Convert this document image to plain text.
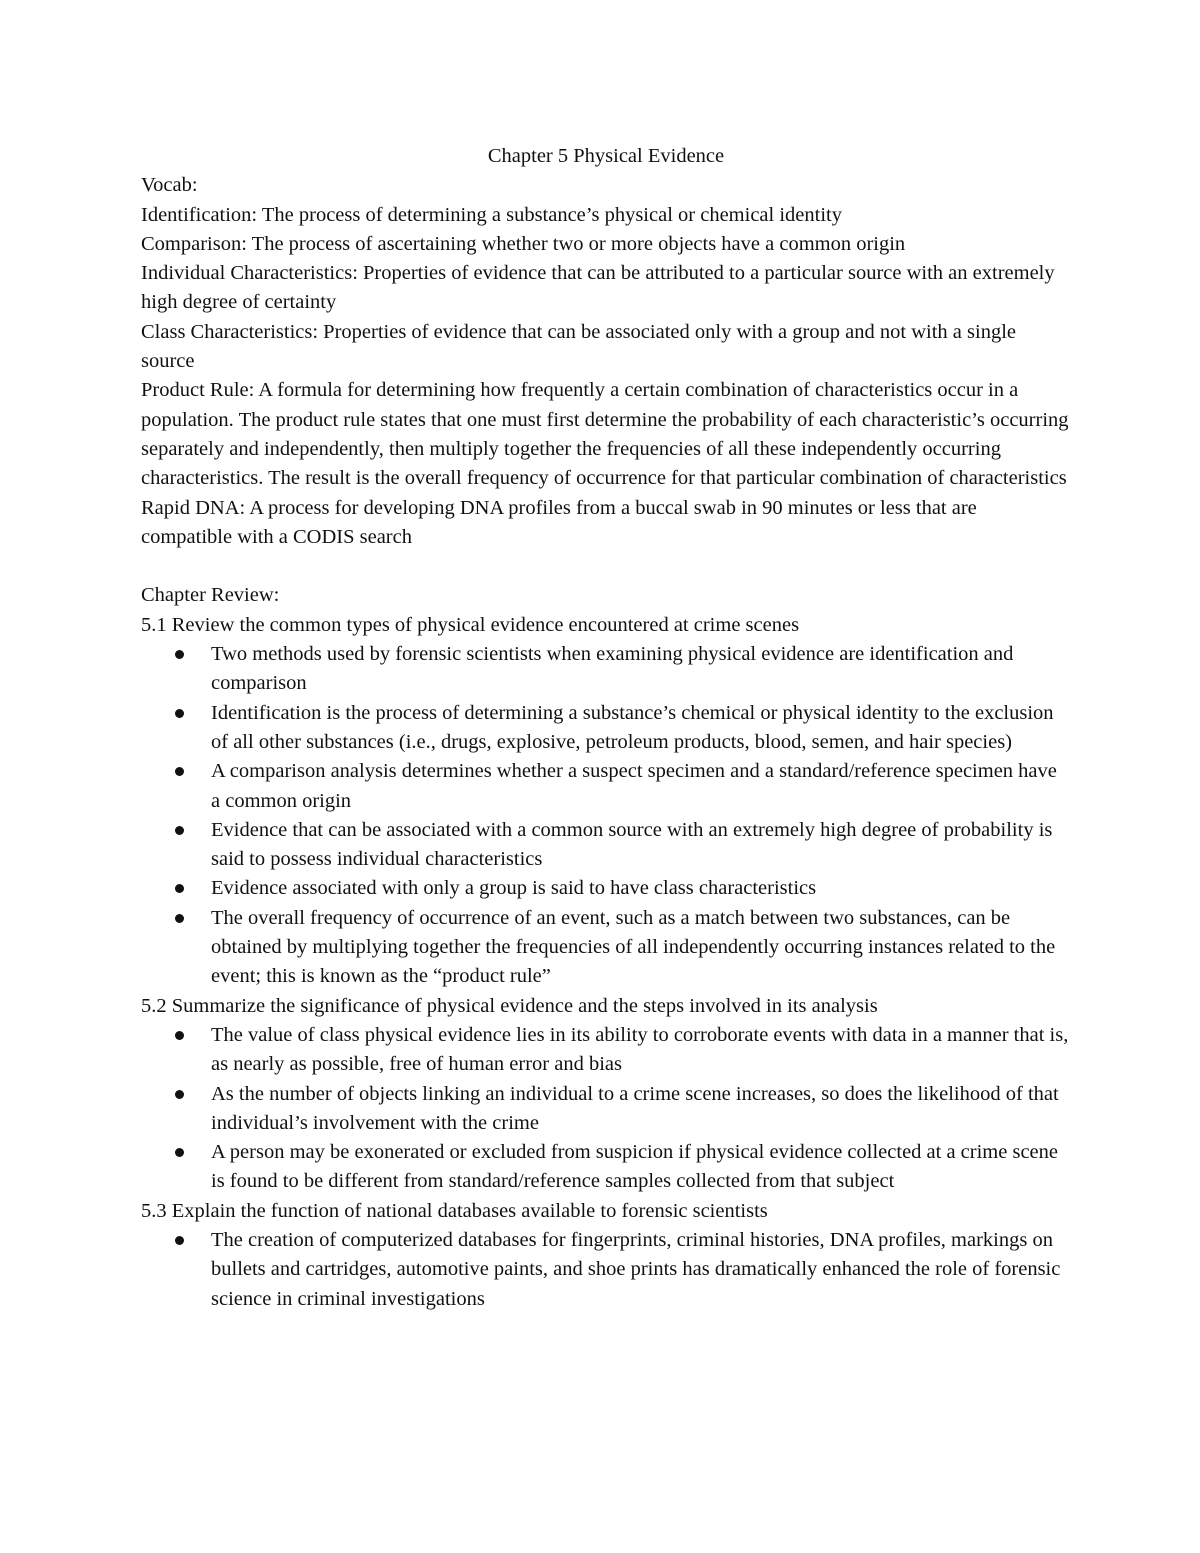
Chapter 5 Physical Evidence

Vocab:

Identification: The process of determining a substance’s physical or chemical identity

Comparison: The process of ascertaining whether two or more objects have a common origin

Individual Characteristics: Properties of evidence that can be attributed to a particular source with an extremely high degree of certainty

Class Characteristics: Properties of evidence that can be associated only with a group and not with a single source

Product Rule: A formula for determining how frequently a certain combination of characteristics occur in a population. The product rule states that one must first determine the probability of each characteristic’s occurring separately and independently, then multiply together the frequencies of all these independently occurring characteristics. The result is the overall frequency of occurrence for that particular combination of characteristics

Rapid DNA: A process for developing DNA profiles from a buccal swab in 90 minutes or less that are compatible with a CODIS search

Chapter Review:

5.1 Review the common types of physical evidence encountered at crime scenes

Two methods used by forensic scientists when examining physical evidence are identification and comparison
Identification is the process of determining a substance’s chemical or physical identity to the exclusion of all other substances (i.e., drugs, explosive, petroleum products, blood, semen, and hair species)
A comparison analysis determines whether a suspect specimen and a standard/reference specimen have a common origin
Evidence that can be associated with a common source with an extremely high degree of probability is said to possess individual characteristics
Evidence associated with only a group is said to have class characteristics
The overall frequency of occurrence of an event, such as a match between two substances, can be obtained by multiplying together the frequencies of all independently occurring instances related to the event; this is known as the “product rule”

5.2 Summarize the significance of physical evidence and the steps involved in its analysis

The value of class physical evidence lies in its ability to corroborate events with data in a manner that is, as nearly as possible, free of human error and bias
As the number of objects linking an individual to a crime scene increases, so does the likelihood of that individual’s involvement with the crime
A person may be exonerated or excluded from suspicion if physical evidence collected at a crime scene is found to be different from standard/reference samples collected from that subject

5.3 Explain the function of national databases available to forensic scientists

The creation of computerized databases for fingerprints, criminal histories, DNA profiles, markings on bullets and cartridges, automotive paints, and shoe prints has dramatically enhanced the role of forensic science in criminal investigations
